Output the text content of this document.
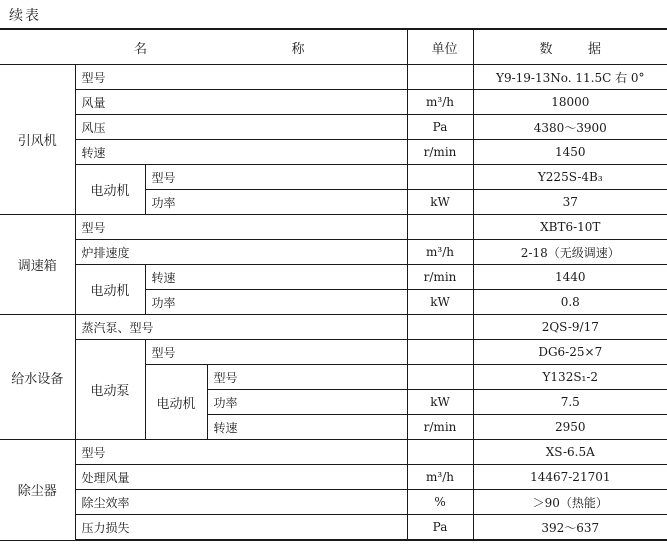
续表
名 称				单 位	数 据

引风机	型号				Y9-19-13No. 11.5C 右 0°
	风量			m³/h	18000
	风压			Pa	4380～3900
	转速			r/min	1450
	电动机	型号			Y225S-4B₃
		功率		kW	37
调速箱	型号				XBT6-10T
	炉排速度			m³/h	2-18（无级调速）
	电动机	转速		r/min	1440
		功率		kW	0.8
给水设备	蒸汽泵、型号				2QS-9/17
	电动泵	型号			DG6-25×7
		电动机	型号		Y132S₁-2
			功率	kW	7.5
			转速	r/min	2950
除尘器	型号				XS-6.5A
	处理风量			m³/h	14467-21701
	除尘效率			%	＞90（热能）
	压力损失			Pa	392～637
